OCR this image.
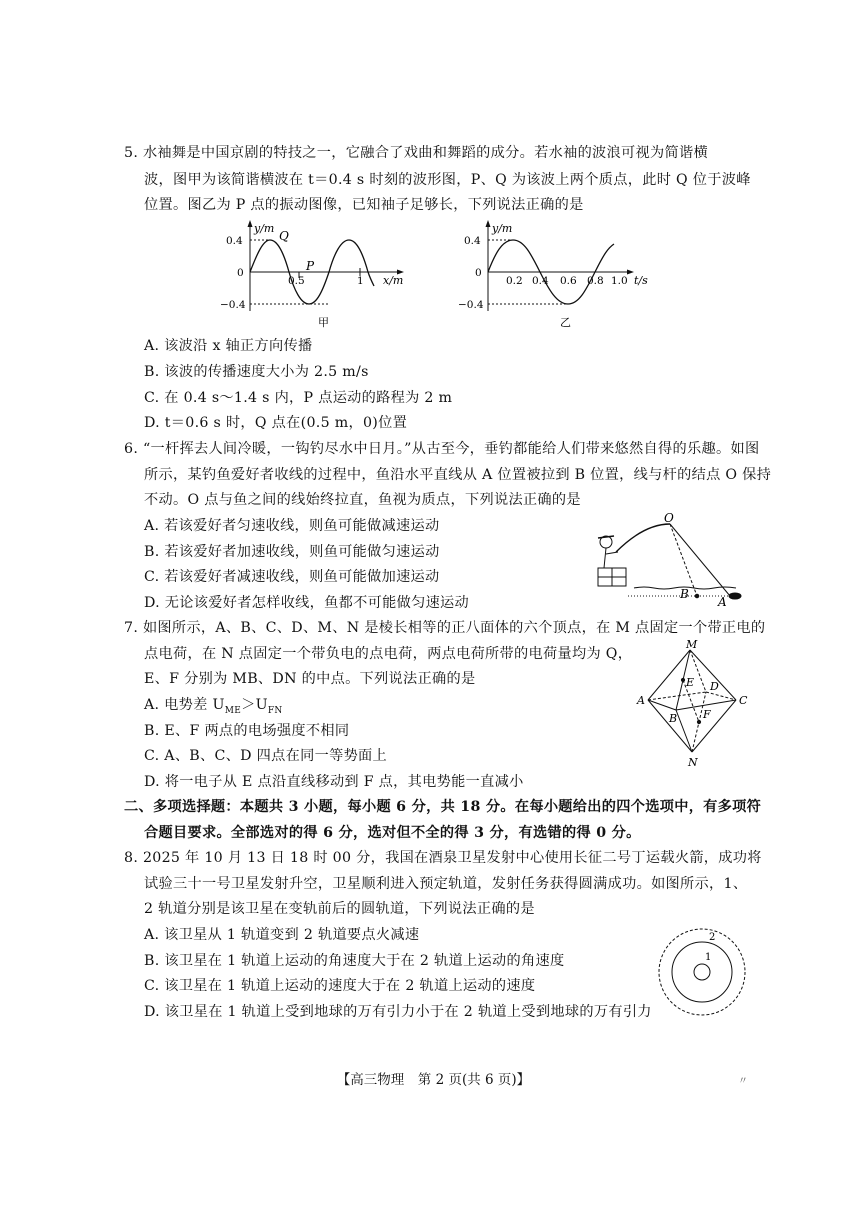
5. 水袖舞是中国京剧的特技之一，它融合了戏曲和舞蹈的成分。若水袖的波浪可视为简谐横
波，图甲为该简谐横波在 t＝0.4 s 时刻的波形图，P、Q 为该波上两个质点，此时 Q 位于波峰
位置。图乙为 P 点的振动图像，已知袖子足够长，下列说法正确的是
y/m
0.4
0
−0.4
0.5	1 x/m
Q
P
甲
y/m
0.4
0
−0.4
0.2 0.4 0.6 0.8 1.0 t/s
乙
A. 该波沿 x 轴正方向传播
B. 该波的传播速度大小为 2.5 m/s
C. 在 0.4 s～1.4 s 内，P 点运动的路程为 2 m
D. t＝0.6 s 时，Q 点在(0.5 m，0)位置
6. “一杆挥去人间冷暖，一钩钓尽水中日月。”从古至今，垂钓都能给人们带来悠然自得的乐趣。如图
所示，某钓鱼爱好者收线的过程中，鱼沿水平直线从 A 位置被拉到 B 位置，线与杆的结点 O 保持
不动。O 点与鱼之间的线始终拉直，鱼视为质点，下列说法正确的是
A. 若该爱好者匀速收线，则鱼可能做减速运动
B. 若该爱好者加速收线，则鱼可能做匀速运动
C. 若该爱好者减速收线，则鱼可能做加速运动
D. 无论该爱好者怎样收线，鱼都不可能做匀速运动
O
B
A
7. 如图所示，A、B、C、D、M、N 是棱长相等的正八面体的六个顶点，在 M 点固定一个带正电的
点电荷，在 N 点固定一个带负电的点电荷，两点电荷所带的电荷量均为 Q，
E、F 分别为 MB、DN 的中点。下列说法正确的是
A. 电势差 $U_{ME}>U_{FN}$
B. E、F 两点的电场强度不相同
C. A、B、C、D 四点在同一等势面上
D. 将一电子从 E 点沿直线移动到 F 点，其电势能一直减小
M
N
A
B
C
D
E
F
二、多项选择题：本题共 3 小题，每小题 6 分，共 18 分。在每小题给出的四个选项中，有多项符
合题目要求。全部选对的得 6 分，选对但不全的得 3 分，有选错的得 0 分。
8. 2025 年 10 月 13 日 18 时 00 分，我国在酒泉卫星发射中心使用长征二号丁运载火箭，成功将
试验三十一号卫星发射升空，卫星顺利进入预定轨道，发射任务获得圆满成功。如图所示，1、
2 轨道分别是该卫星在变轨前后的圆轨道，下列说法正确的是
A. 该卫星从 1 轨道变到 2 轨道要点火减速
B. 该卫星在 1 轨道上运动的角速度大于在 2 轨道上运动的角速度
C. 该卫星在 1 轨道上运动的速度大于在 2 轨道上运动的速度
D. 该卫星在 1 轨道上受到地球的万有引力小于在 2 轨道上受到地球的万有引力
1
2
【高三物理　第 2 页(共 6 页)】	〃
